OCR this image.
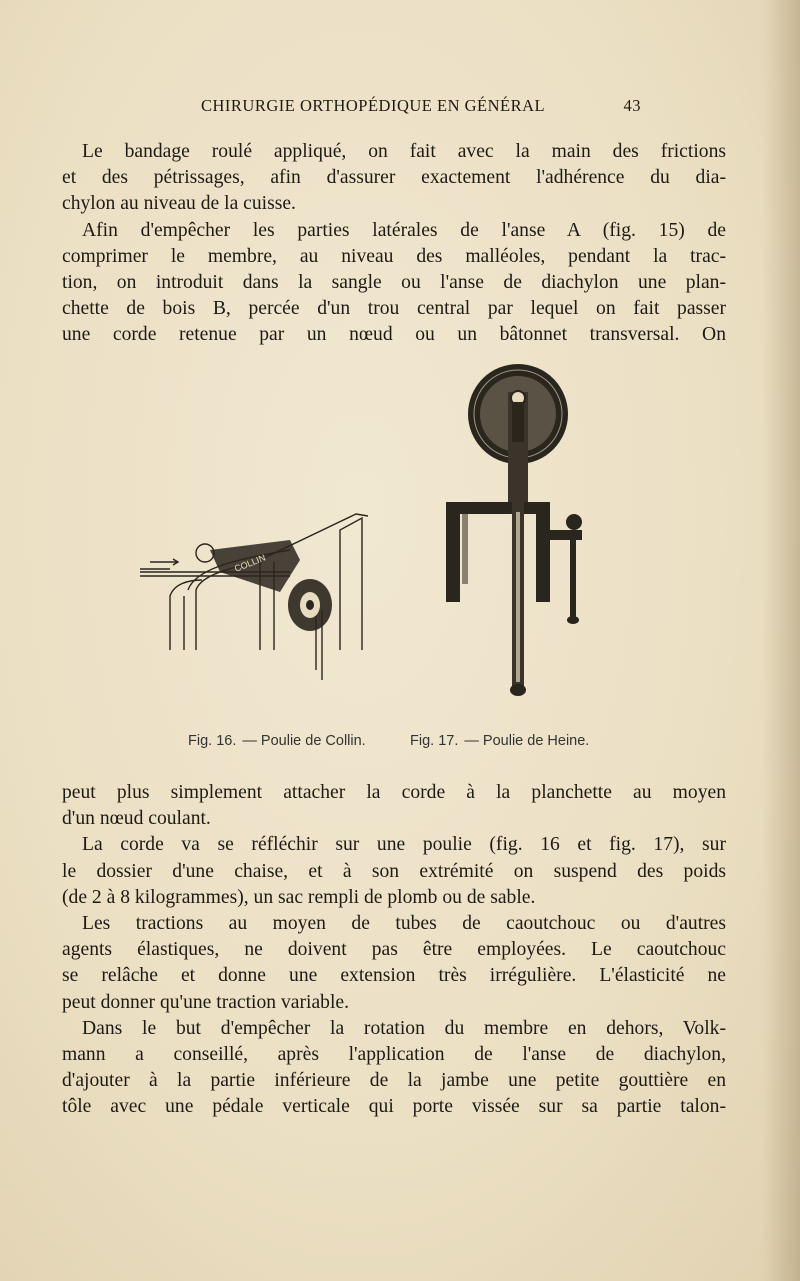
CHIRURGIE ORTHOPÉDIQUE EN GÉNÉRAL	43

Le bandage roulé appliqué, on fait avec la main des frictions

et des pétrissages, afin d'assurer exactement l'adhérence du dia-

chylon au niveau de la cuisse.

Afin d'empêcher les parties latérales de l'anse A (fig. 15) de

comprimer le membre, au niveau des malléoles, pendant la trac-

tion, on introduit dans la sangle ou l'anse de diachylon une plan-

chette de bois B, percée d'un trou central par lequel on fait passer

une corde retenue par un nœud ou un bâtonnet transversal. On

COLLIN
Fig. 16. — Poulie de Collin.	Fig. 17. — Poulie de Heine.

peut plus simplement attacher la corde à la planchette au moyen

d'un nœud coulant.

La corde va se réfléchir sur une poulie (fig. 16 et fig. 17), sur

le dossier d'une chaise, et à son extrémité on suspend des poids

(de 2 à 8 kilogrammes), un sac rempli de plomb ou de sable.

Les tractions au moyen de tubes de caoutchouc ou d'autres

agents élastiques, ne doivent pas être employées. Le caoutchouc

se relâche et donne une extension très irrégulière. L'élasticité ne

peut donner qu'une traction variable.

Dans le but d'empêcher la rotation du membre en dehors, Volk-

mann a conseillé, après l'application de l'anse de diachylon,

d'ajouter à la partie inférieure de la jambe une petite gouttière en

tôle avec une pédale verticale qui porte vissée sur sa partie talon-
